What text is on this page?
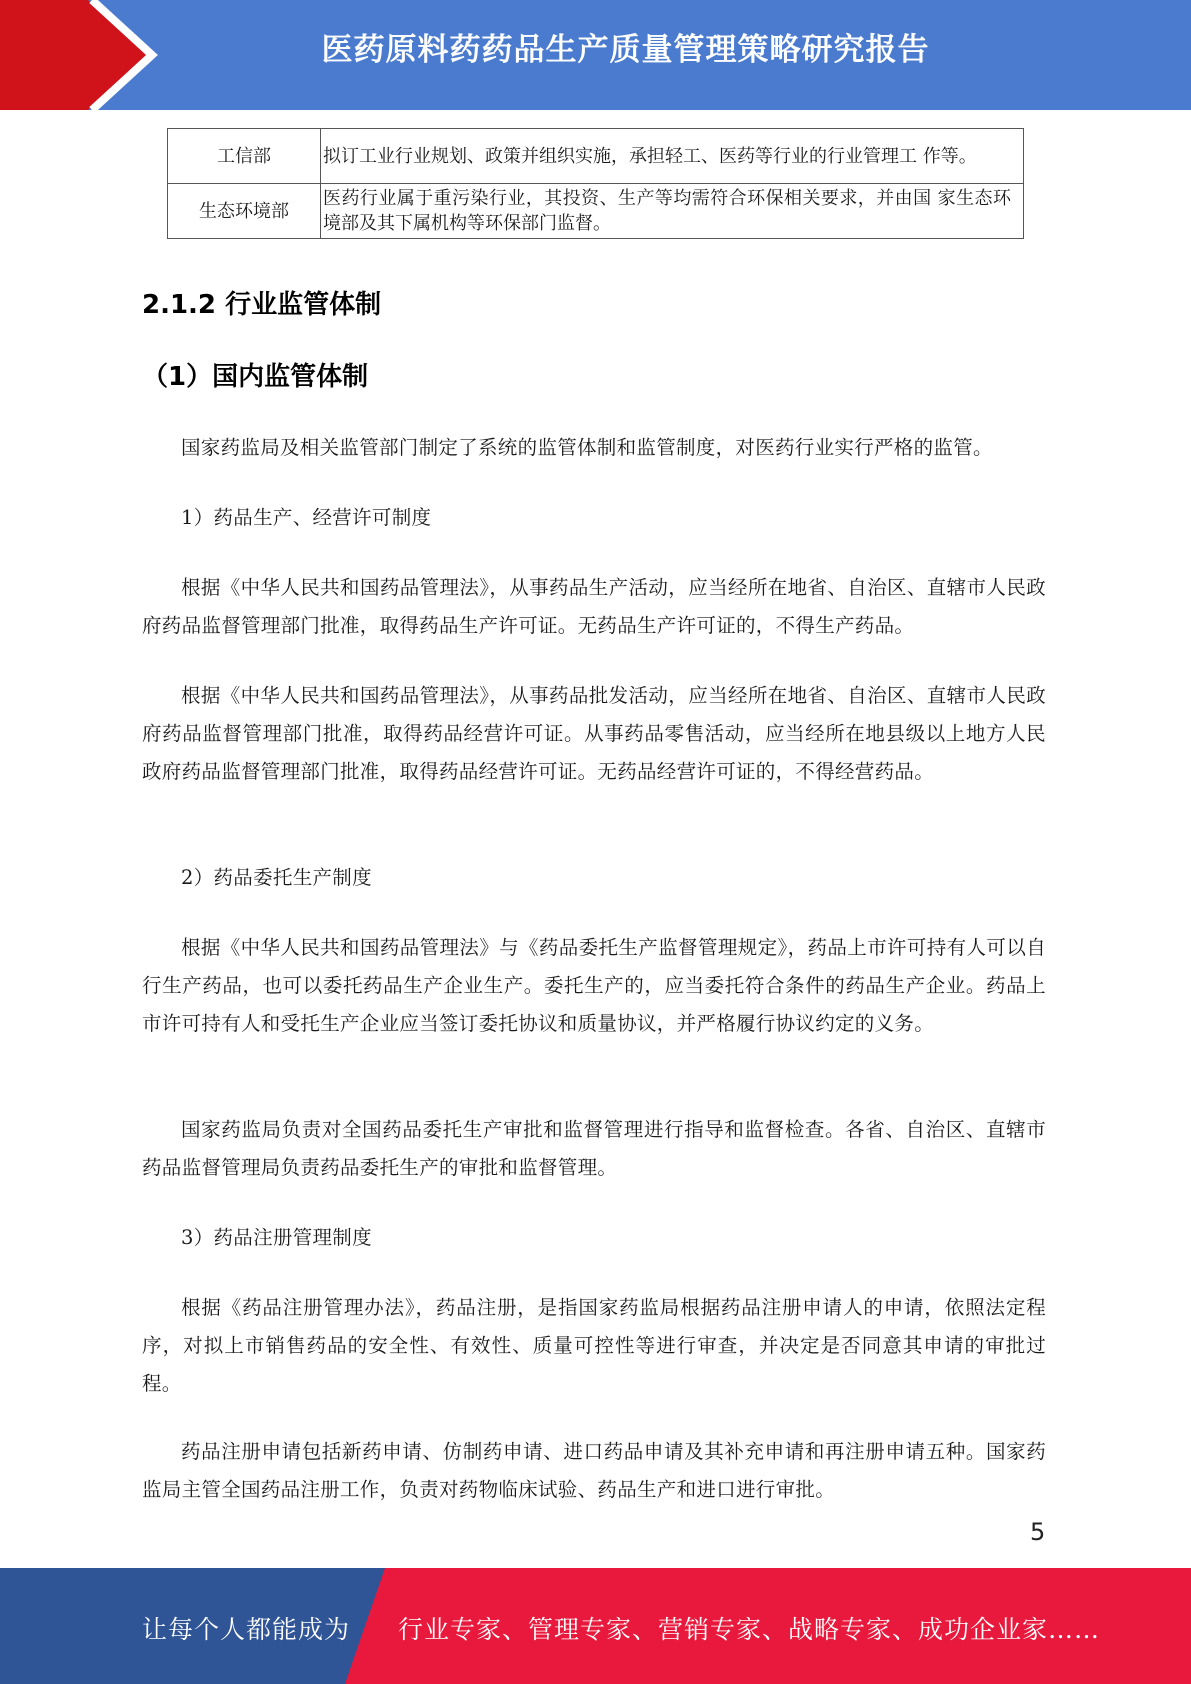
医药原料药药品生产质量管理策略研究报告
工信部	拟订工业行业规划、政策并组织实施，承担轻工、医药等行业的行业管理工 作等。
生态环境部	医药行业属于重污染行业，其投资、生产等均需符合环保相关要求，并由国 家生态环境部及其下属机构等环保部门监督。
2.1.2 行业监管体制
（1）国内监管体制

国家药监局及相关监管部门制定了系统的监管体制和监管制度，对医药行业实行严格的监管。

1）药品生产、经营许可制度

根据《中华人民共和国药品管理法》，从事药品生产活动，应当经所在地省、自治区、直辖市人民政府药品监督管理部门批准，取得药品生产许可证。无药品生产许可证的，不得生产药品。

根据《中华人民共和国药品管理法》，从事药品批发活动，应当经所在地省、自治区、直辖市人民政府药品监督管理部门批准，取得药品经营许可证。从事药品零售活动，应当经所在地县级以上地方人民政府药品监督管理部门批准，取得药品经营许可证。无药品经营许可证的，不得经营药品。

2）药品委托生产制度

根据《中华人民共和国药品管理法》与《药品委托生产监督管理规定》，药品上市许可持有人可以自行生产药品，也可以委托药品生产企业生产。委托生产的，应当委托符合条件的药品生产企业。药品上市许可持有人和受托生产企业应当签订委托协议和质量协议，并严格履行协议约定的义务。

国家药监局负责对全国药品委托生产审批和监督管理进行指导和监督检查。各省、自治区、直辖市药品监督管理局负责药品委托生产的审批和监督管理。

3）药品注册管理制度

根据《药品注册管理办法》，药品注册，是指国家药监局根据药品注册申请人的申请，依照法定程序，对拟上市销售药品的安全性、有效性、质量可控性等进行审查，并决定是否同意其申请的审批过程。

药品注册申请包括新药申请、仿制药申请、进口药品申请及其补充申请和再注册申请五种。国家药监局主管全国药品注册工作，负责对药物临床试验、药品生产和进口进行审批。

5
让每个人都能成为 行业专家、管理专家、营销专家、战略专家、成功企业家……
